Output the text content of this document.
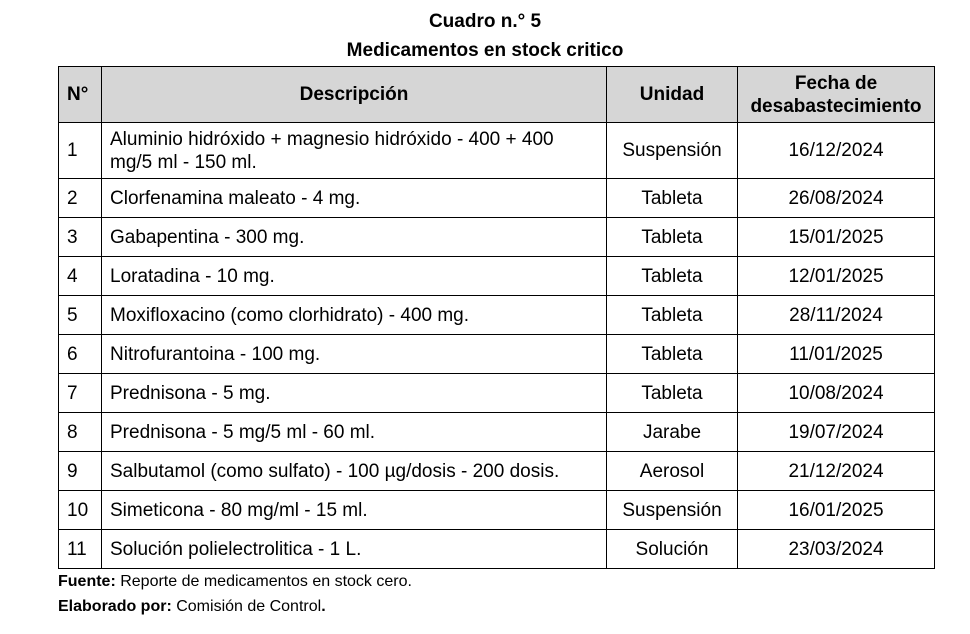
Cuadro n.° 5
Medicamentos en stock critico
N°	Descripción	Unidad	Fecha de
desabastecimiento

1	Aluminio hidróxido + magnesio hidróxido - 400 + 400
mg/5 ml - 150 ml.	Suspensión	16/12/2024
2	Clorfenamina maleato - 4 mg.	Tableta	26/08/2024
3	Gabapentina - 300 mg.	Tableta	15/01/2025
4	Loratadina - 10 mg.	Tableta	12/01/2025
5	Moxifloxacino (como clorhidrato) - 400 mg.	Tableta	28/11/2024
6	Nitrofurantoina - 100 mg.	Tableta	11/01/2025
7	Prednisona - 5 mg.	Tableta	10/08/2024
8	Prednisona - 5 mg/5 ml - 60 ml.	Jarabe	19/07/2024
9	Salbutamol (como sulfato) - 100 µg/dosis - 200 dosis.	Aerosol	21/12/2024
10	Simeticona - 80 mg/ml - 15 ml.	Suspensión	16/01/2025
11	Solución polielectrolitica - 1 L.	Solución	23/03/2024
Fuente: Reporte de medicamentos en stock cero.
Elaborado por: Comisión de Control.
